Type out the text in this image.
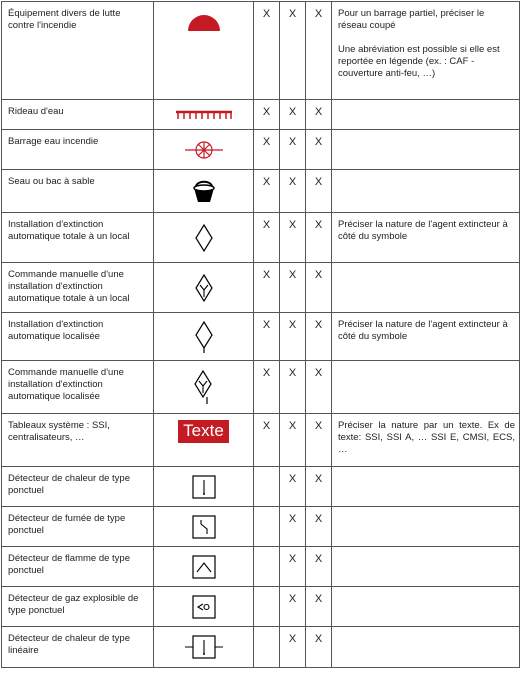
Équipement divers de lutte contre l'incendie		X	X	X	Pour un barrage partiel, préciser le réseau coupé

Une abréviation est possible si elle est reportée en légende (ex. : CAF - couverture anti-feu, …)

Rideau d'eau		X	X	X	
Barrage eau incendie		X	X	X	
Seau ou bac à sable		X	X	X	
Installation d'extinction automatique totale à un local		X	X	X	Préciser la nature de l'agent extincteur à côté du symbole
Commande manuelle d'une installation d'extinction automatique totale à un local		X	X	X	
Installation d'extinction automatique localisée		X	X	X	Préciser la nature de l'agent extincteur à côté du symbole
Commande manuelle d'une installation d'extinction automatique localisée		X	X	X	
Tableaux système : SSI, centralisateurs, …	Texte	X	X	X	Préciser la nature par un texte. Ex de texte: SSI, SSI A, … SSI E, CMSI, ECS, …
Détecteur de chaleur de type ponctuel			X	X	
Détecteur de fumée de type ponctuel			X	X	
Détecteur de flamme de type ponctuel			X	X	
Détecteur de gaz explosible de type ponctuel			X	X	
Détecteur de chaleur de type linéaire			X	X	
